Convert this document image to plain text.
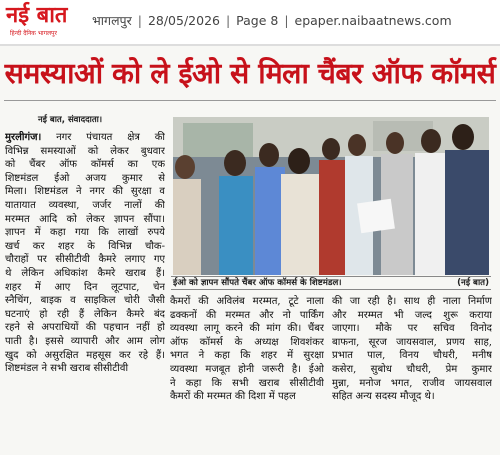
नई बात
हिन्दी दैनिक भागलपुर
भागलपुर | 28/05/2026 | Page 8 | epaper.naibaatnews.com
समस्याओं को ले ईओ से मिला चैंबर ऑफ कॉमर्स
नई बात, संवाददाता।
ईओ को ज्ञापन सौंपते चैंबर ऑफ कॉमर्स के शिष्टमंडल।	(नई बात)
मुरलीगंज। नगर पंचायत क्षेत्र की
विभिन्न समस्याओं को लेकर बुधवार
को चैंबर ऑफ कॉमर्स का एक
शिष्टमंडल ईओ अजय कुमार से
मिला। शिष्टमंडल ने नगर की सुरक्षा व
यातायात व्यवस्था, जर्जर नालों की
मरम्मत आदि को लेकर ज्ञापन सौंपा।
ज्ञापन में कहा गया कि लाखों रुपये
खर्च कर शहर के विभिन्न चौक-
चौराहों पर सीसीटीवी कैमरे लगाए गए
थे लेकिन अधिकांश कैमरे खराब हैं।
शहर में आए दिन लूटपाट, चेन
स्नैचिंग, बाइक व साइकिल चोरी जैसी
घटनाएं हो रही हैं लेकिन कैमरे बंद
रहने से अपराधियों की पहचान नहीं हो
पाती है। इससे व्यापारी और आम लोग
खुद को असुरक्षित महसूस कर रहे हैं।
शिष्टमंडल ने सभी खराब सीसीटीवी
कैमरों की अविलंब मरम्मत, टूटे नाला
ढक्कनों की मरम्मत और नो पार्किंग
व्यवस्था लागू करने की मांग की। चैंबर
ऑफ कॉमर्स के अध्यक्ष शिवशंकर
भगत ने कहा कि शहर में सुरक्षा
व्यवस्था मजबूत होनी जरूरी है। ईओ
ने कहा कि सभी खराब सीसीटीवी
कैमरों की मरम्मत की दिशा में पहल
की जा रही है। साथ ही नाला निर्माण
और मरम्मत भी जल्द शुरू कराया
जाएगा। मौके पर सचिव विनोद
बाफना, सूरज जायसवाल, प्रणय साह,
प्रभात पाल, विनय चौधरी, मनीष
कसेरा, सुबोध चौधरी, प्रेम कुमार
मुन्ना, मनोज भगत, राजीव जायसवाल
सहित अन्य सदस्य मौजूद थे।
